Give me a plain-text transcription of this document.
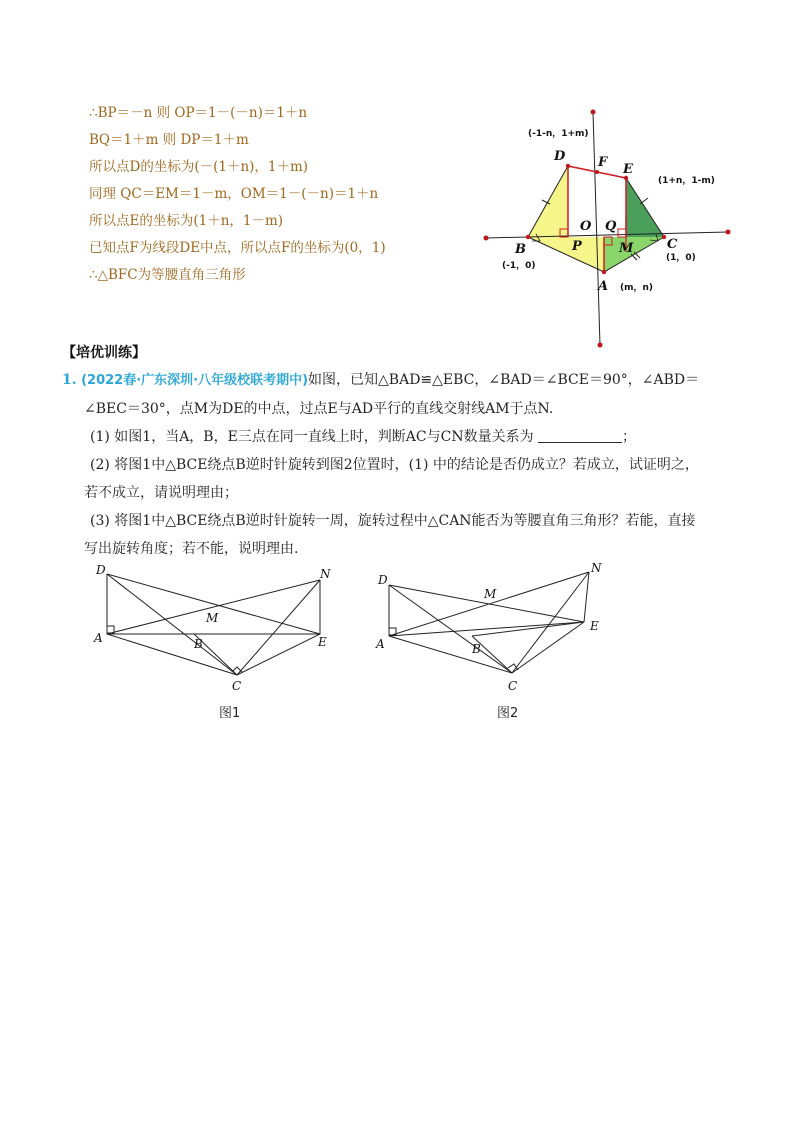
∴BP＝－n 则 OP＝1－(－n)＝1＋n
BQ＝1＋m 则 DP＝1＋m
所以点D的坐标为(－(1＋n)，1＋m)
同理 QC＝EM＝1－m，OM＝1－(－n)＝1＋n
所以点E的坐标为(1＋n，1－m)
已知点F为线段DE中点，所以点F的坐标为(0，1)
∴△BFC为等腰直角三角形
D	F E
O Q
B	P	M	C
A
(-1-n，1+m)
(1+n，1-m)
(-1，0)
(1，0)
(m，n)
【培优训练】

1. (2022春·广东深圳·八年级校联考期中)如图，已知△BAD≌△EBC，∠BAD＝∠BCE＝90°，∠ABD＝

∠BEC＝30°，点M为DE的中点，过点E与AD平行的直线交射线AM于点N.

(1) 如图1，当A，B，E三点在同一直线上时，判断AC与CN数量关系为	；

(2) 将图1中△BCE绕点B逆时针旋转到图2位置时，(1) 中的结论是否仍成立？若成立，试证明之，

若不成立，请说明理由；

(3) 将图1中△BCE绕点B逆时针旋转一周，旋转过程中△CAN能否为等腰直角三角形？若能，直接

写出旋转角度；若不能，说明理由.

D	N
M
A	B	E
C
图1
D
N
M
A	B
E
C
图2
